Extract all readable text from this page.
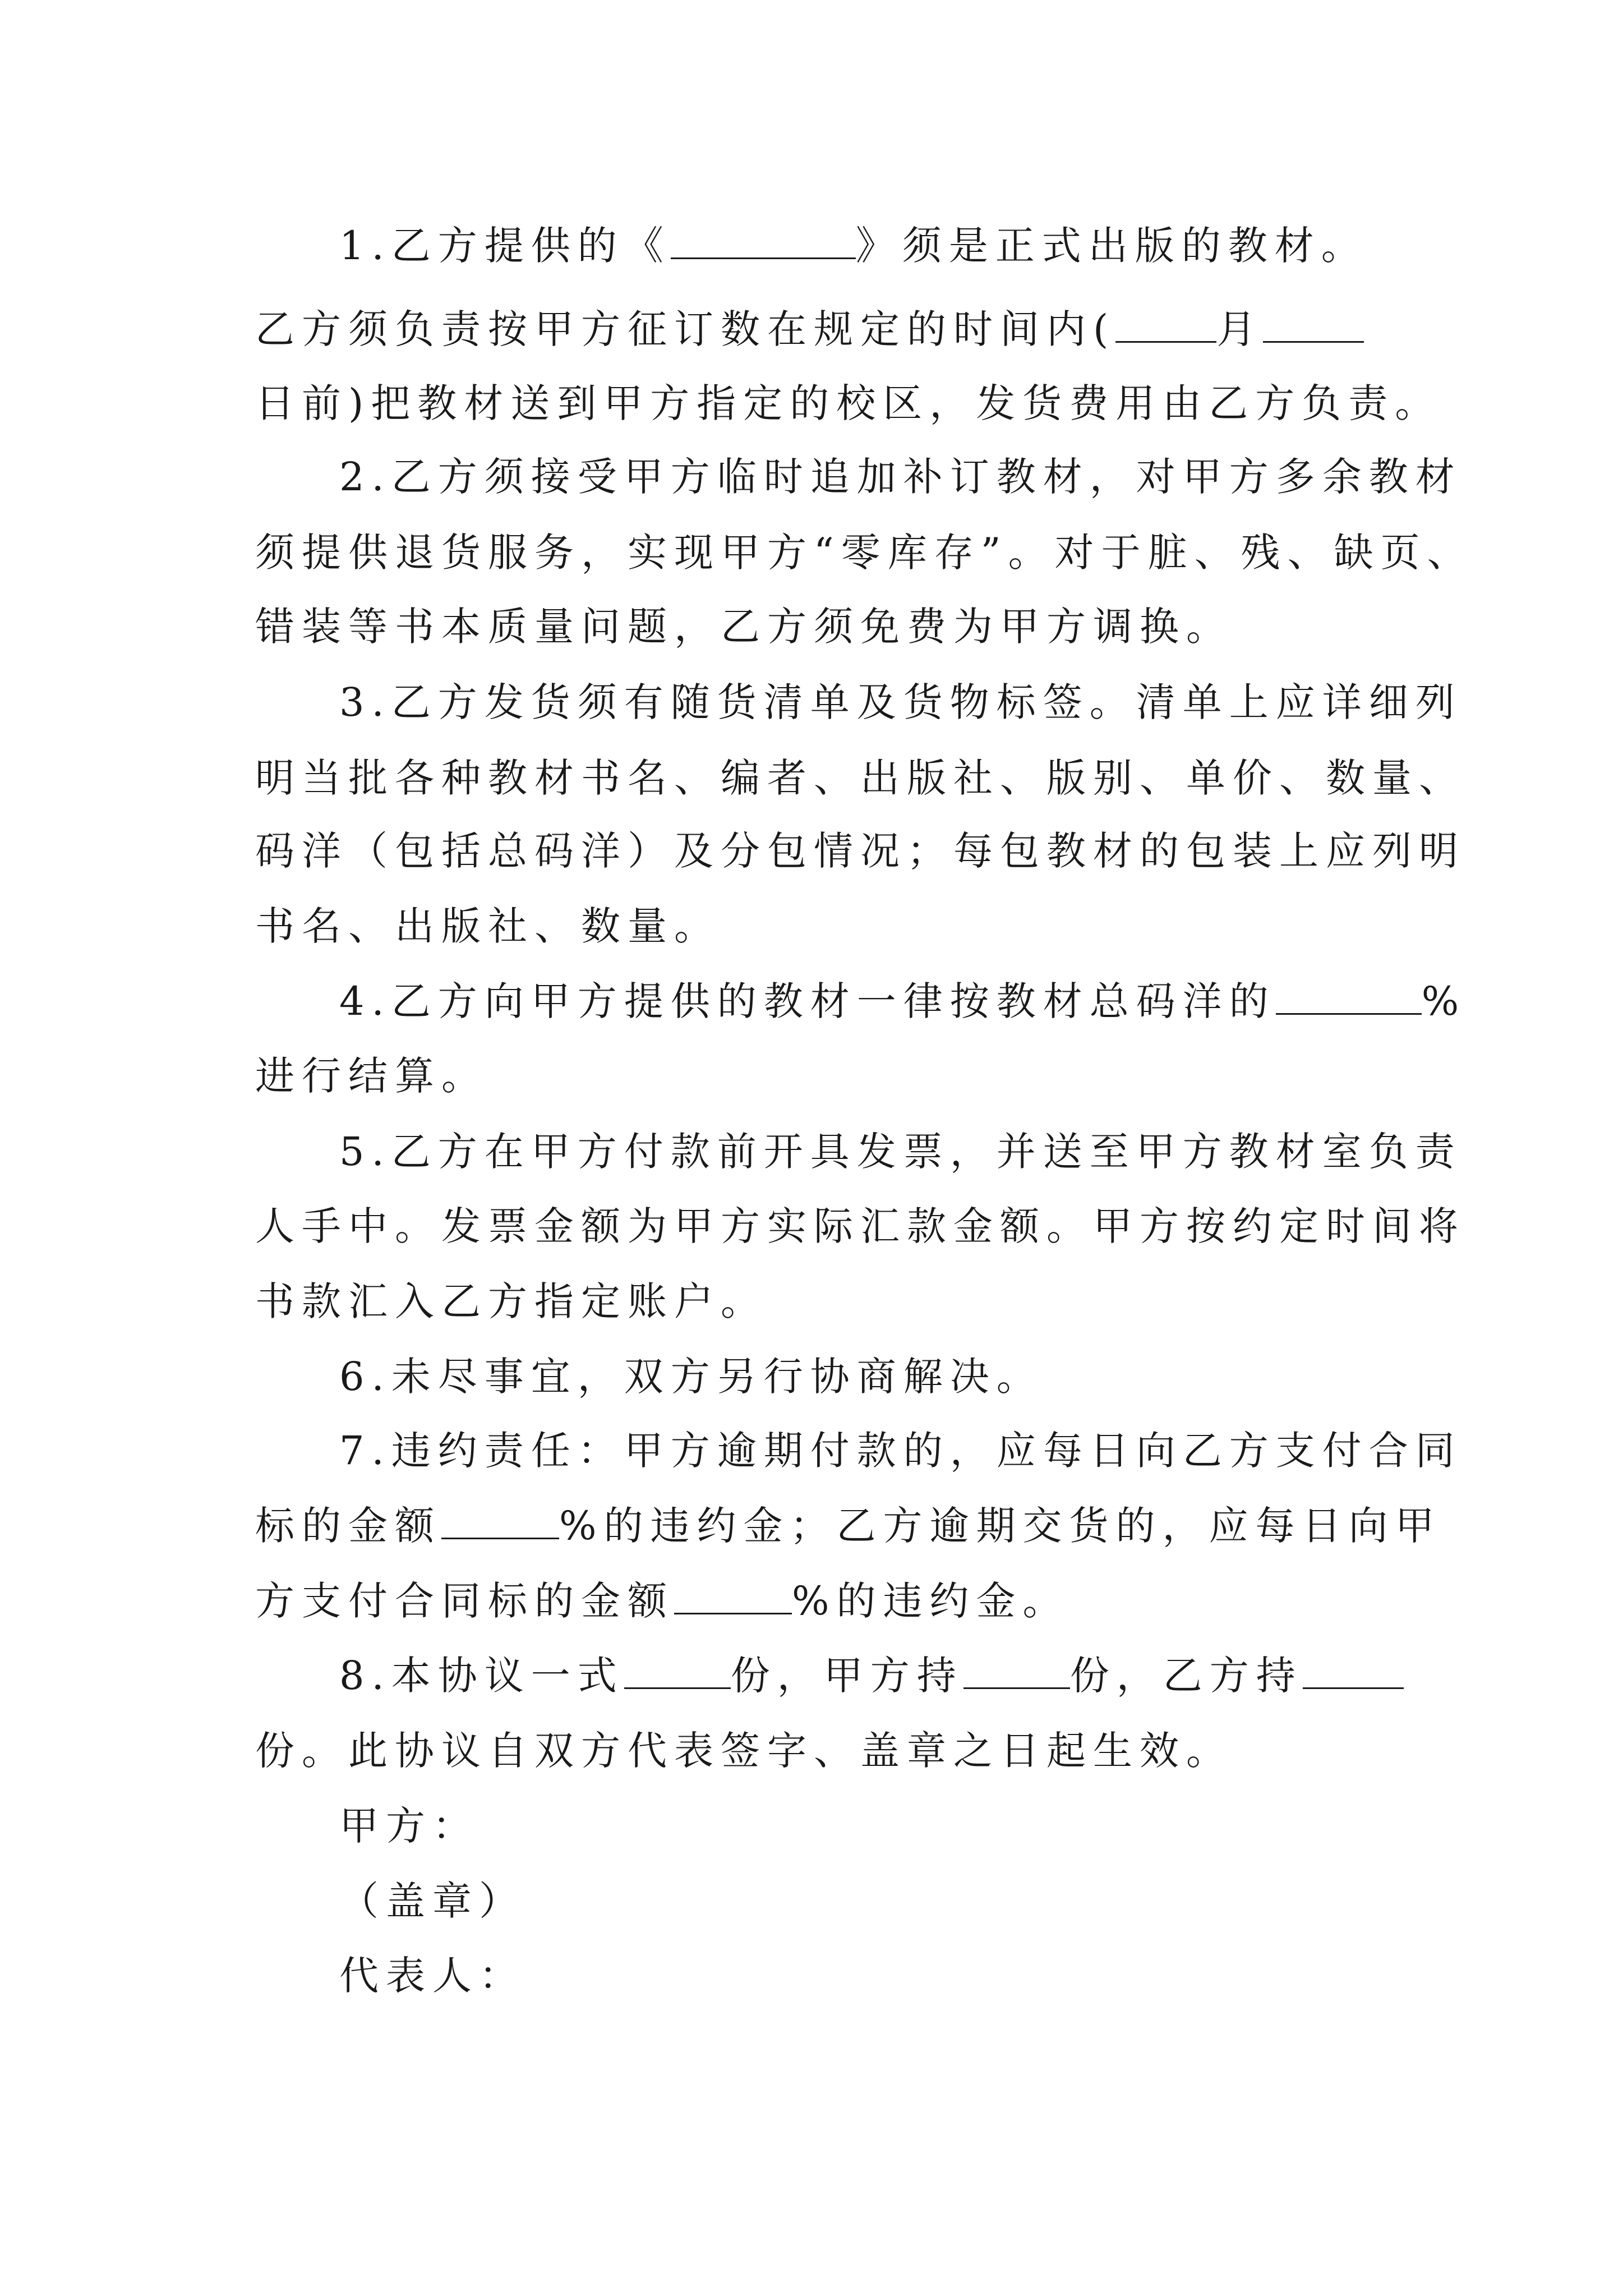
1.乙方提供的《	》须是正式出版的教材。
乙方须负责按甲方征订数在规定的时间内(	月
日前)把教材送到甲方指定的校区，发货费用由乙方负责。
2.乙方须接受甲方临时追加补订教材，对甲方多余教材
须提供退货服务，实现甲方“零库存”。对于脏、残、缺页、
错装等书本质量问题，乙方须免费为甲方调换。
3.乙方发货须有随货清单及货物标签。清单上应详细列
明当批各种教材书名、编者、出版社、版别、单价、数量、
码洋（包括总码洋）及分包情况；每包教材的包装上应列明
书名、出版社、数量。
4.乙方向甲方提供的教材一律按教材总码洋的	%
进行结算。
5.乙方在甲方付款前开具发票，并送至甲方教材室负责
人手中。发票金额为甲方实际汇款金额。甲方按约定时间将
书款汇入乙方指定账户。
6.未尽事宜，双方另行协商解决。
7.违约责任：甲方逾期付款的，应每日向乙方支付合同
标的金额	%的违约金；乙方逾期交货的，应每日向甲
方支付合同标的金额	%的违约金。
8.本协议一式	份，甲方持	份，乙方持
份。此协议自双方代表签字、盖章之日起生效。
甲方：
（盖章）
代表人：
